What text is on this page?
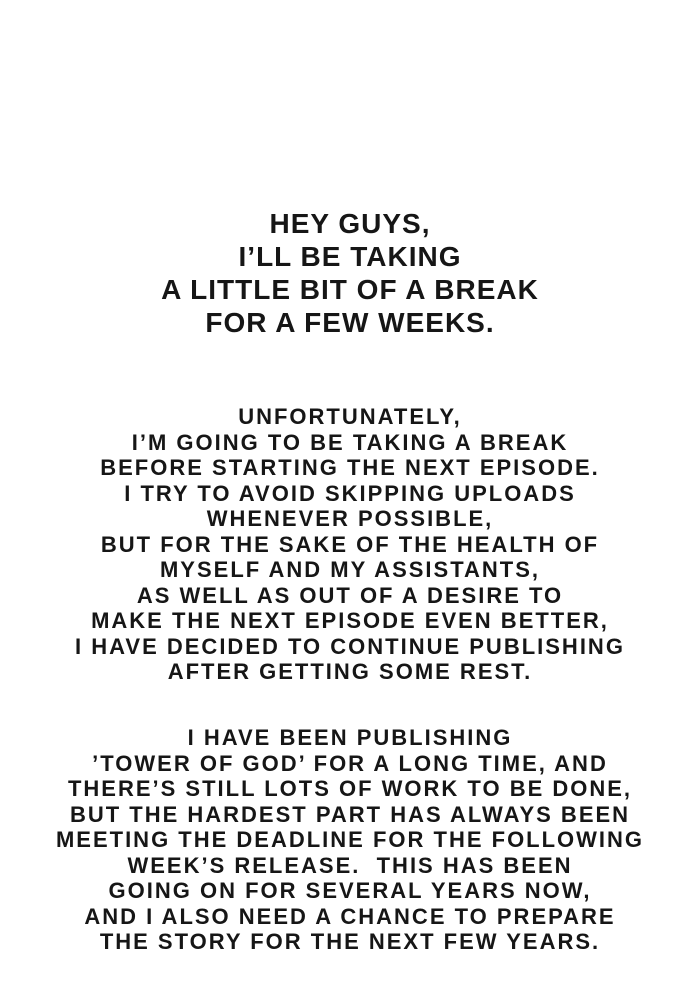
HEY GUYS,
I’LL BE TAKING
A LITTLE BIT OF A BREAK
FOR A FEW WEEKS.
UNFORTUNATELY,
I’M GOING TO BE TAKING A BREAK
BEFORE STARTING THE NEXT EPISODE.
I TRY TO AVOID SKIPPING UPLOADS
WHENEVER POSSIBLE,
BUT FOR THE SAKE OF THE HEALTH OF
MYSELF AND MY ASSISTANTS,
AS WELL AS OUT OF A DESIRE TO
MAKE THE NEXT EPISODE EVEN BETTER,
I HAVE DECIDED TO CONTINUE PUBLISHING
AFTER GETTING SOME REST.
I HAVE BEEN PUBLISHING
’TOWER OF GOD’ FOR A LONG TIME, AND
THERE’S STILL LOTS OF WORK TO BE DONE,
BUT THE HARDEST PART HAS ALWAYS BEEN
MEETING THE DEADLINE FOR THE FOLLOWING
WEEK’S RELEASE.  THIS HAS BEEN
GOING ON FOR SEVERAL YEARS NOW,
AND I ALSO NEED A CHANCE TO PREPARE
THE STORY FOR THE NEXT FEW YEARS.
